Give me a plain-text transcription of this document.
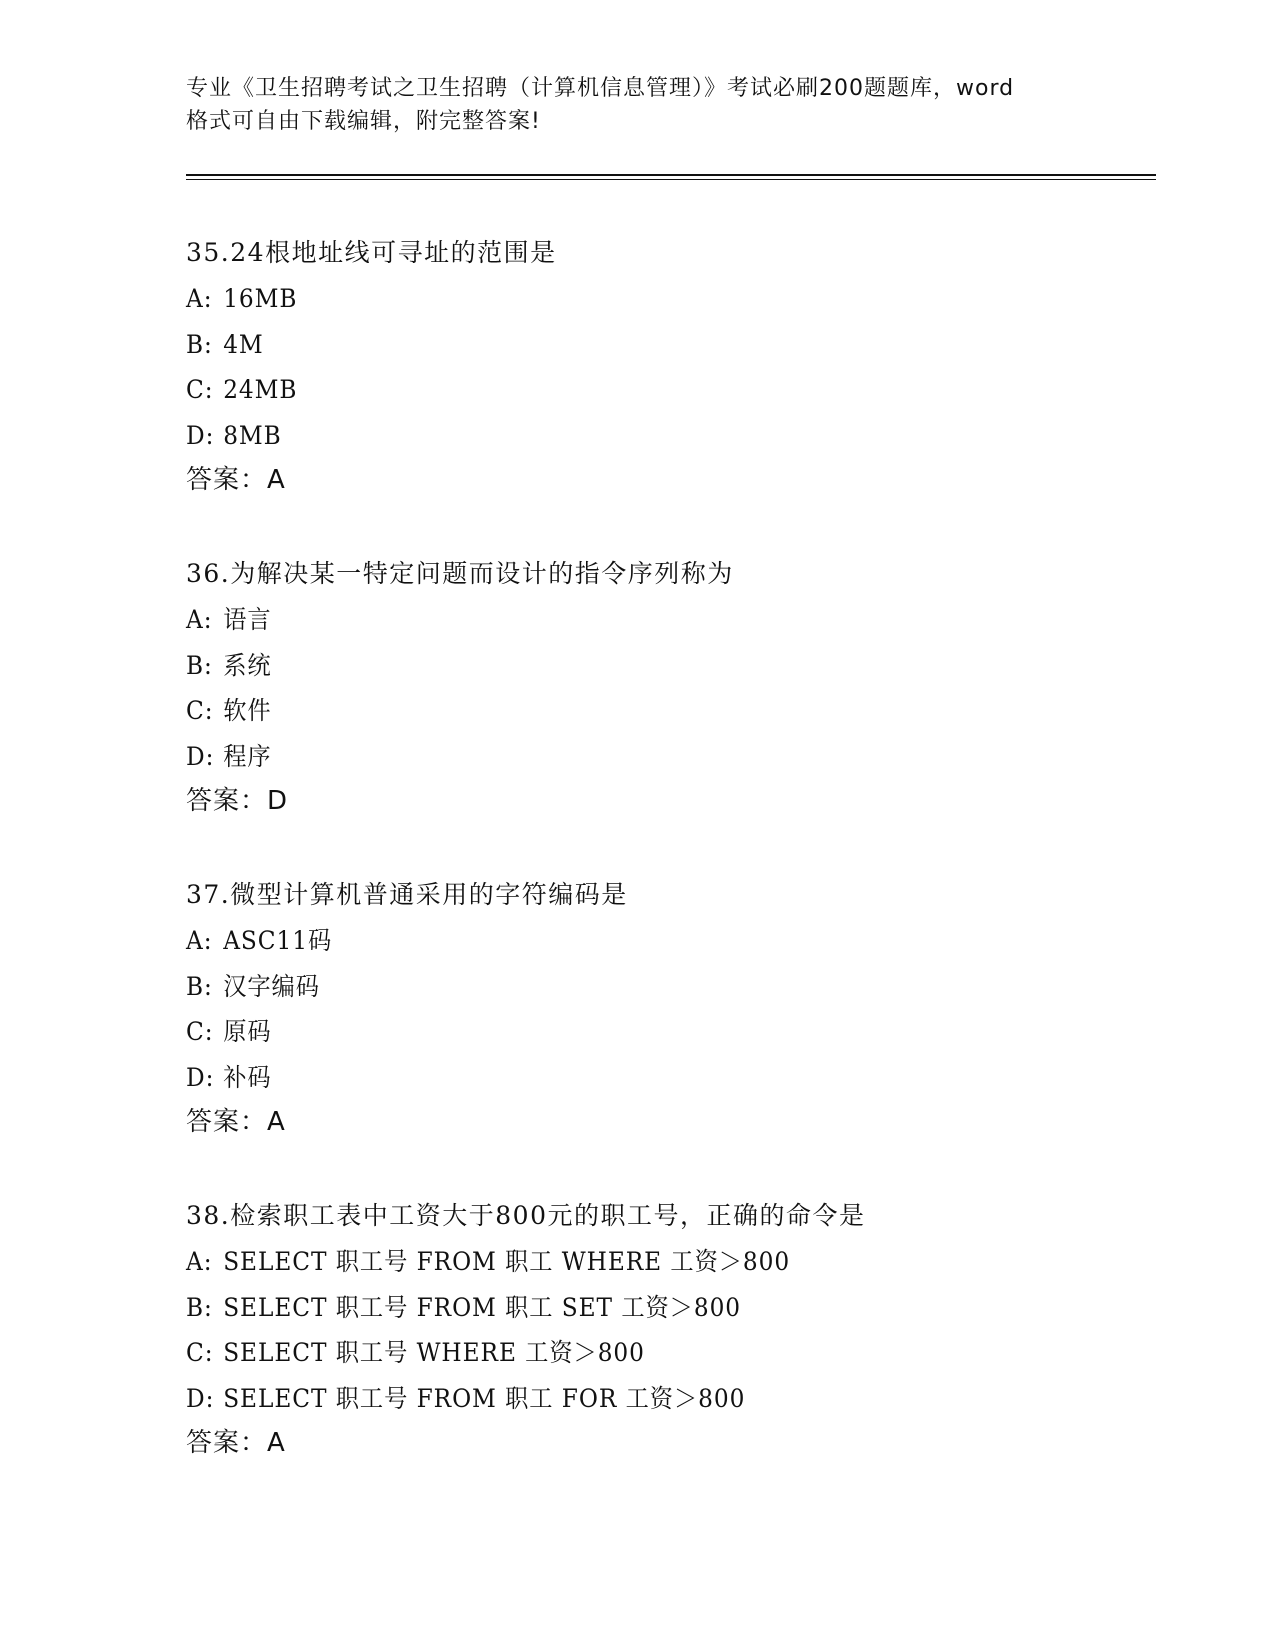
专业《卫生招聘考试之卫生招聘（计算机信息管理）》考试必刷200题题库，word
格式可自由下载编辑，附完整答案!
35.24根地址线可寻址的范围是
A: 16MB
B: 4M
C: 24MB
D: 8MB
答案：A
36.为解决某一特定问题而设计的指令序列称为
A: 语言
B: 系统
C: 软件
D: 程序
答案：D
37.微型计算机普通采用的字符编码是
A: ASC11码
B: 汉字编码
C: 原码
D: 补码
答案：A
38.检索职工表中工资大于800元的职工号，正确的命令是
A: SELECT 职工号 FROM 职工 WHERE 工资＞800
B: SELECT 职工号 FROM 职工 SET 工资＞800
C: SELECT 职工号 WHERE 工资＞800
D: SELECT 职工号 FROM 职工 FOR 工资＞800
答案：A
